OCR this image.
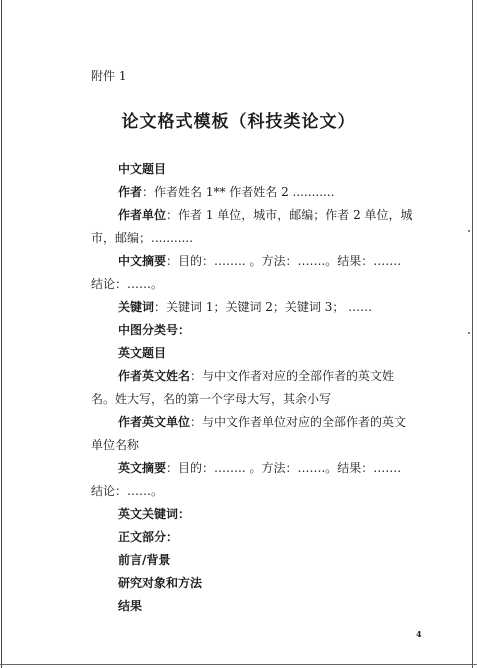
附件 1
论文格式模板（科技类论文）
中文题目
作者：作者姓名 1** 作者姓名 2 ...........
作者单位：作者 1 单位，城市，邮编；作者 2 单位，城
市，邮编；...........
中文摘要：目的：…….. 。方法：…….。结果：…….
结论：……。
关键词：关键词 1；关键词 2；关键词 3； ……
中图分类号：
英文题目
作者英文姓名：与中文作者对应的全部作者的英文姓
名。姓大写，名的第一个字母大写，其余小写
作者英文单位：与中文作者单位对应的全部作者的英文
单位名称
英文摘要：目的：…….. 。方法：…….。结果：…….
结论：……。
英文关键词：
正文部分：
前言/背景
研究对象和方法
结果
4
